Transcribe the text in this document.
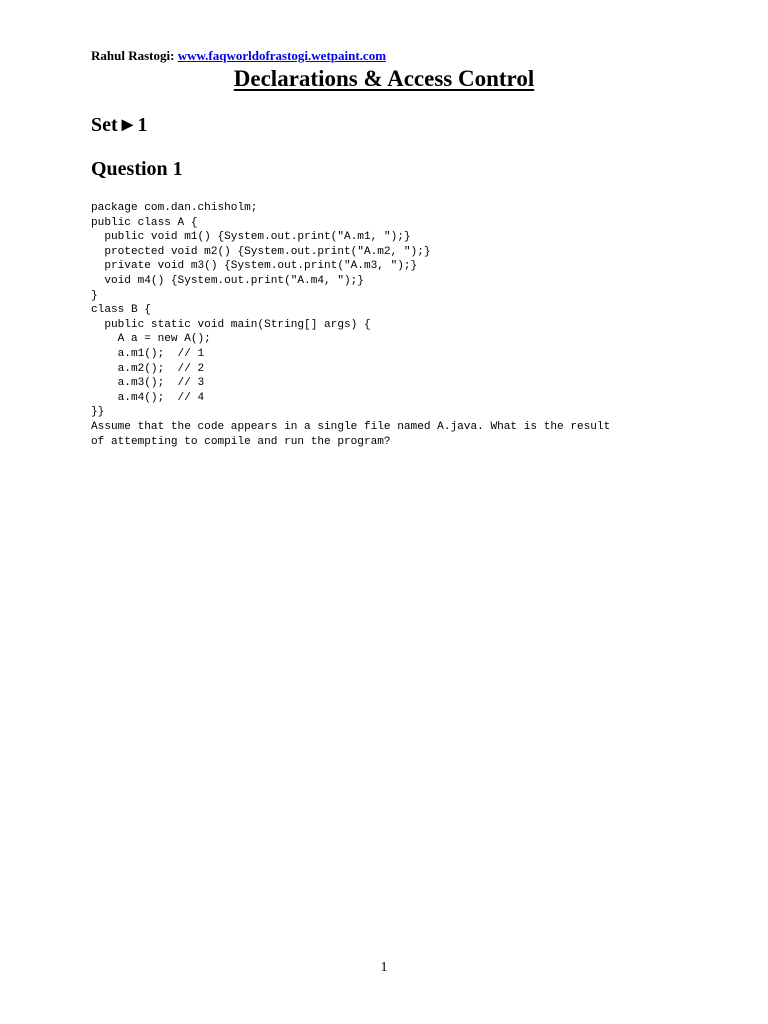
Rahul Rastogi: www.faqworldofrastogi.wetpaint.com
Declarations & Access Control
Set►1
Question 1
package com.dan.chisholm;
public class A {
public void m1() {System.out.print("A.m1, ");}
protected void m2() {System.out.print("A.m2, ");}
private void m3() {System.out.print("A.m3, ");}
void m4() {System.out.print("A.m4, ");}
}
class B {
public static void main(String[] args) {
A a = new A();
a.m1();  // 1
a.m2();  // 2
a.m3();  // 3
a.m4();  // 4
}}
Assume that the code appears in a single file named A.java. What is the result
of attempting to compile and run the program?
1
